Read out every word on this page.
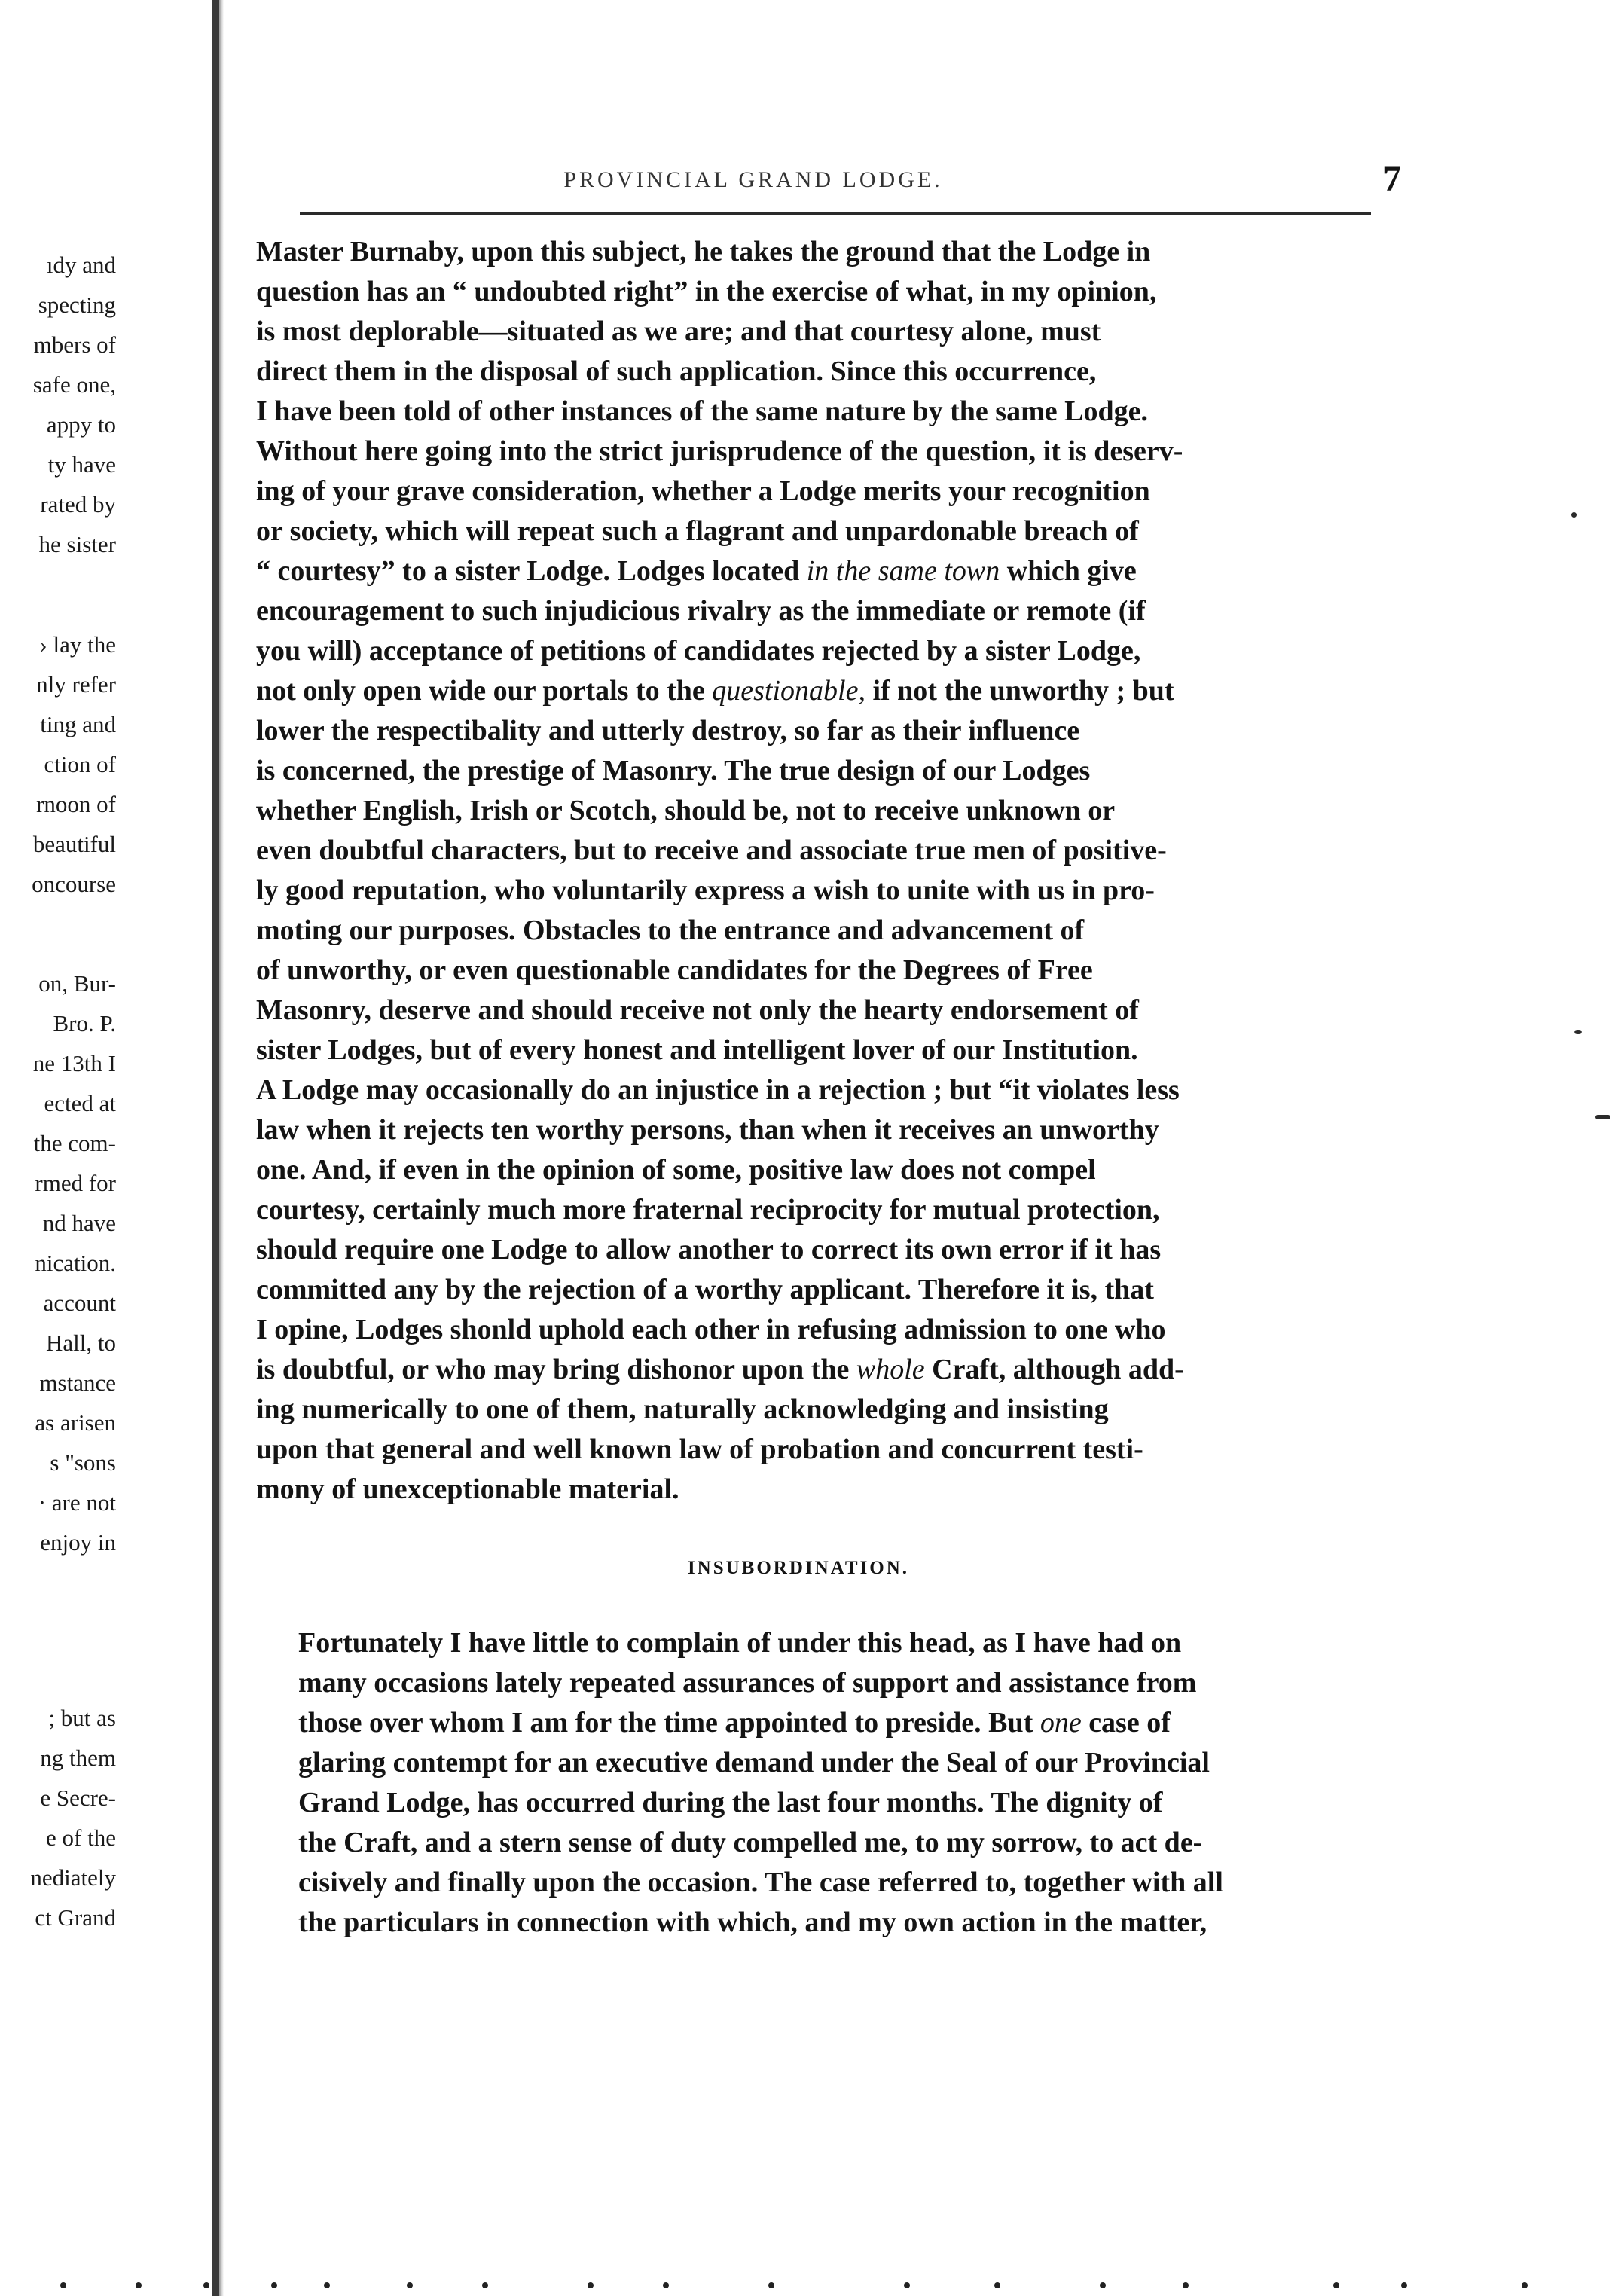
ıdy and
specting
mbers of
safe one,
appy to
ty have
rated by
he sister
› lay the
nly refer
ting and
ction of
rnoon of
beautiful
oncourse
on, Bur-
Bro. P.
ne 13th I
ected at
the com-
rmed for
nd have
nication.
account
Hall, to
mstance
as arisen
s "sons
· are not
enjoy in
; but as
ng them
e Secre-
e of the
nediately
ct Grand
PROVINCIAL GRAND LODGE.	7

Master Burnaby, upon this subject, he takes the ground that the Lodge in

question has an “ undoubted right” in the exercise of what, in my opinion,

is most deplorable—situated as we are; and that courtesy alone, must

direct them in the disposal of such application. Since this occurrence,

I have been told of other instances of the same nature by the same Lodge.

Without here going into the strict jurisprudence of the question, it is deserv-

ing of your grave consideration, whether a Lodge merits your recognition

or society, which will repeat such a flagrant and unpardonable breach of

“ courtesy” to a sister Lodge. Lodges located in the same town which give

encouragement to such injudicious rivalry as the immediate or remote (if

you will) acceptance of petitions of candidates rejected by a sister Lodge,

not only open wide our portals to the questionable, if not the unworthy ; but

lower the respectibality and utterly destroy, so far as their influence

is concerned, the prestige of Masonry. The true design of our Lodges

whether English, Irish or Scotch, should be, not to receive unknown or

even doubtful characters, but to receive and associate true men of positive-

ly good reputation, who voluntarily express a wish to unite with us in pro-

moting our purposes. Obstacles to the entrance and advancement of

of unworthy, or even questionable candidates for the Degrees of Free

Masonry, deserve and should receive not only the hearty endorsement of

sister Lodges, but of every honest and intelligent lover of our Institution.

A Lodge may occasionally do an injustice in a rejection ; but “it violates less

law when it rejects ten worthy persons, than when it receives an unworthy

one. And, if even in the opinion of some, positive law does not compel

courtesy, certainly much more fraternal reciprocity for mutual protection,

should require one Lodge to allow another to correct its own error if it has

committed any by the rejection of a worthy applicant. Therefore it is, that

I opine, Lodges shonld uphold each other in refusing admission to one who

is doubtful, or who may bring dishonor upon the whole Craft, although add-

ing numerically to one of them, naturally acknowledging and insisting

upon that general and well known law of probation and concurrent testi-

mony of unexceptionable material.

INSUBORDINATION.

Fortunately I have little to complain of under this head, as I have had on

many occasions lately repeated assurances of support and assistance from

those over whom I am for the time appointed to preside. But one case of

glaring contempt for an executive demand under the Seal of our Provincial

Grand Lodge, has occurred during the last four months. The dignity of

the Craft, and a stern sense of duty compelled me, to my sorrow, to act de-

cisively and finally upon the occasion. The case referred to, together with all

the particulars in connection with which, and my own action in the matter,
